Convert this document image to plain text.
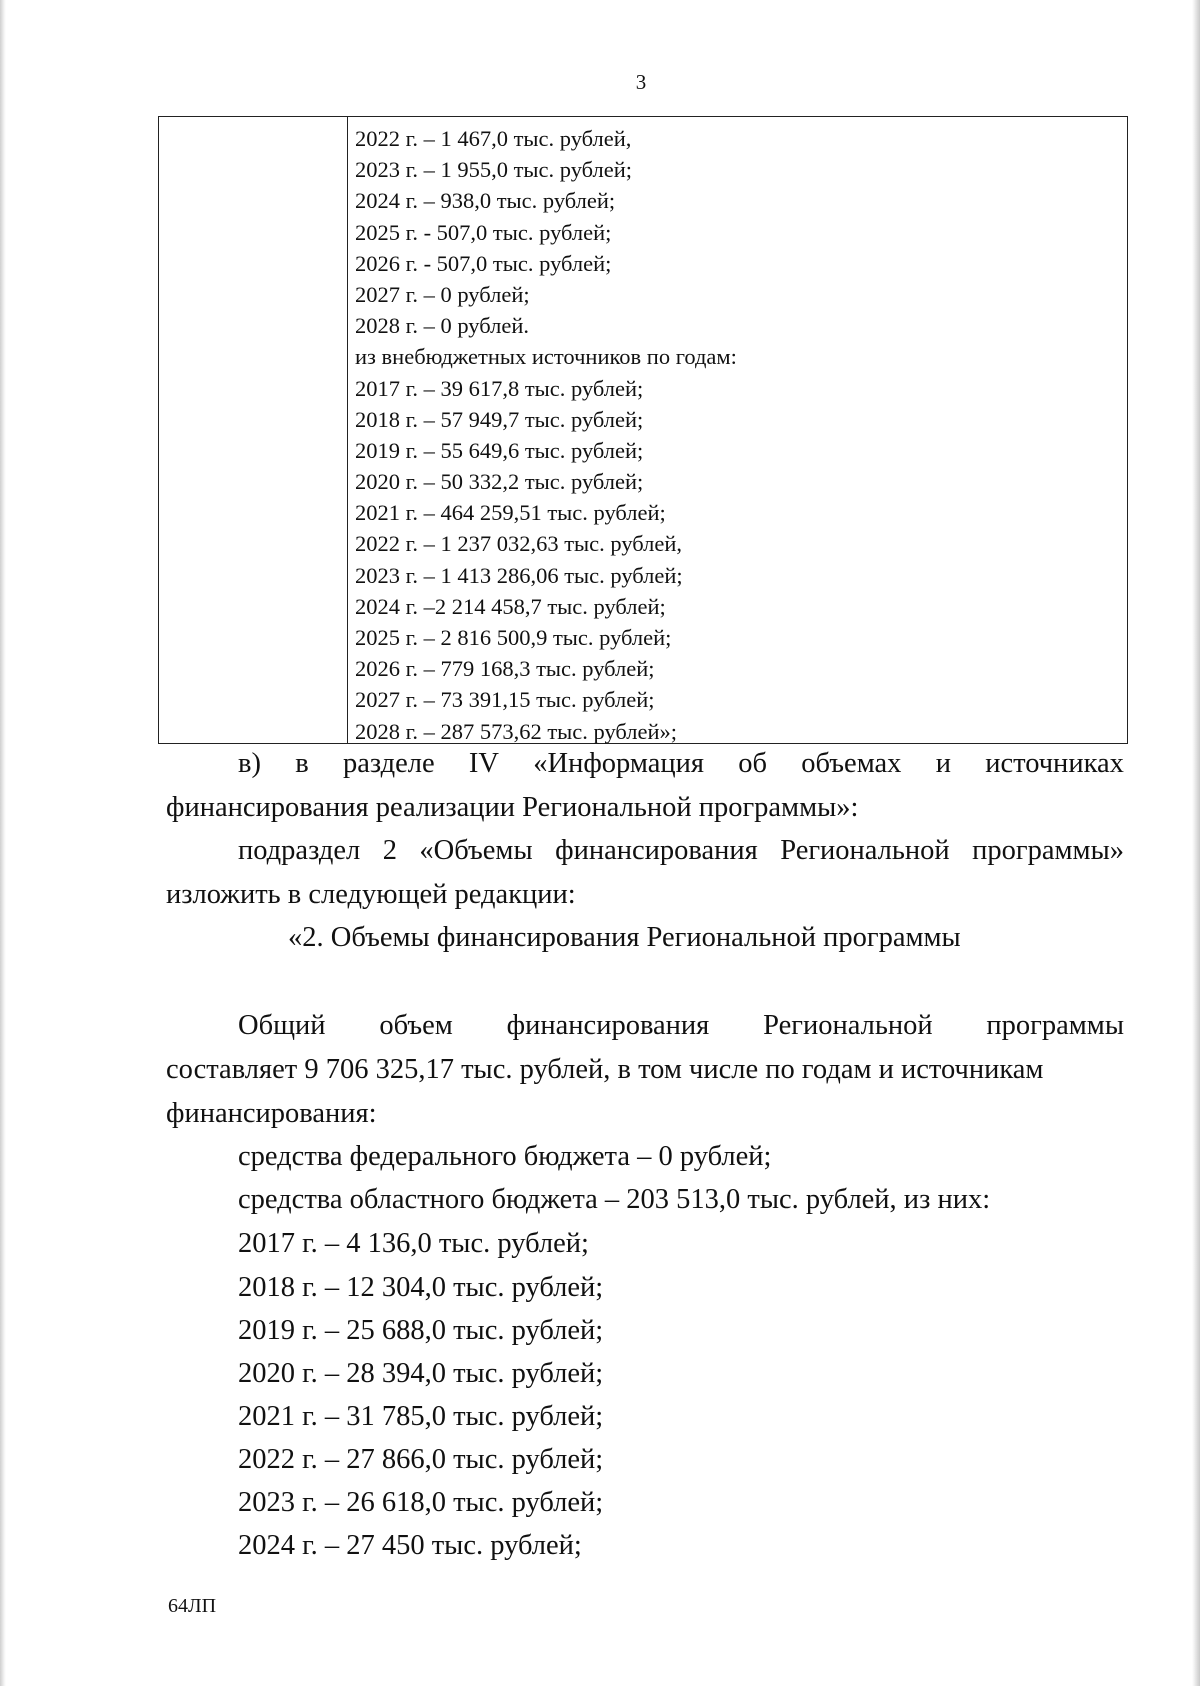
3
2022 г. – 1 467,0 тыс. рублей,
2023 г. – 1 955,0 тыс. рублей;
2024 г. – 938,0 тыс. рублей;
2025 г. - 507,0 тыс. рублей;
2026 г. - 507,0 тыс. рублей;
2027 г. – 0 рублей;
2028 г. – 0 рублей.
из внебюджетных источников по годам:
2017 г. – 39 617,8 тыс. рублей;
2018 г. – 57 949,7 тыс. рублей;
2019 г. – 55 649,6 тыс. рублей;
2020 г. – 50 332,2 тыс. рублей;
2021 г. – 464 259,51 тыс. рублей;
2022 г. – 1 237 032,63 тыс. рублей,
2023 г. – 1 413 286,06 тыс. рублей;
2024 г. –2 214 458,7 тыс. рублей;
2025 г. – 2 816 500,9 тыс. рублей;
2026 г. – 779 168,3 тыс. рублей;
2027 г. – 73 391,15 тыс. рублей;
2028 г. – 287 573,62 тыс. рублей»;
в) в разделе IV «Информация об объемах и источниках
финансирования реализации Региональной программы»:
подраздел 2 «Объемы финансирования Региональной программы»
изложить в следующей редакции:
«2. Объемы финансирования Региональной программы
Общий объем финансирования Региональной программы
составляет 9 706 325,17 тыс. рублей, в том числе по годам и источникам
финансирования:
средства федерального бюджета – 0 рублей;
средства областного бюджета – 203 513,0 тыс. рублей, из них:
2017 г. – 4 136,0 тыс. рублей;
2018 г. – 12 304,0 тыс. рублей;
2019 г. – 25 688,0 тыс. рублей;
2020 г. – 28 394,0 тыс. рублей;
2021 г. – 31 785,0 тыс. рублей;
2022 г. – 27 866,0 тыс. рублей;
2023 г. – 26 618,0 тыс. рублей;
2024 г. – 27 450 тыс. рублей;
64ЛП
